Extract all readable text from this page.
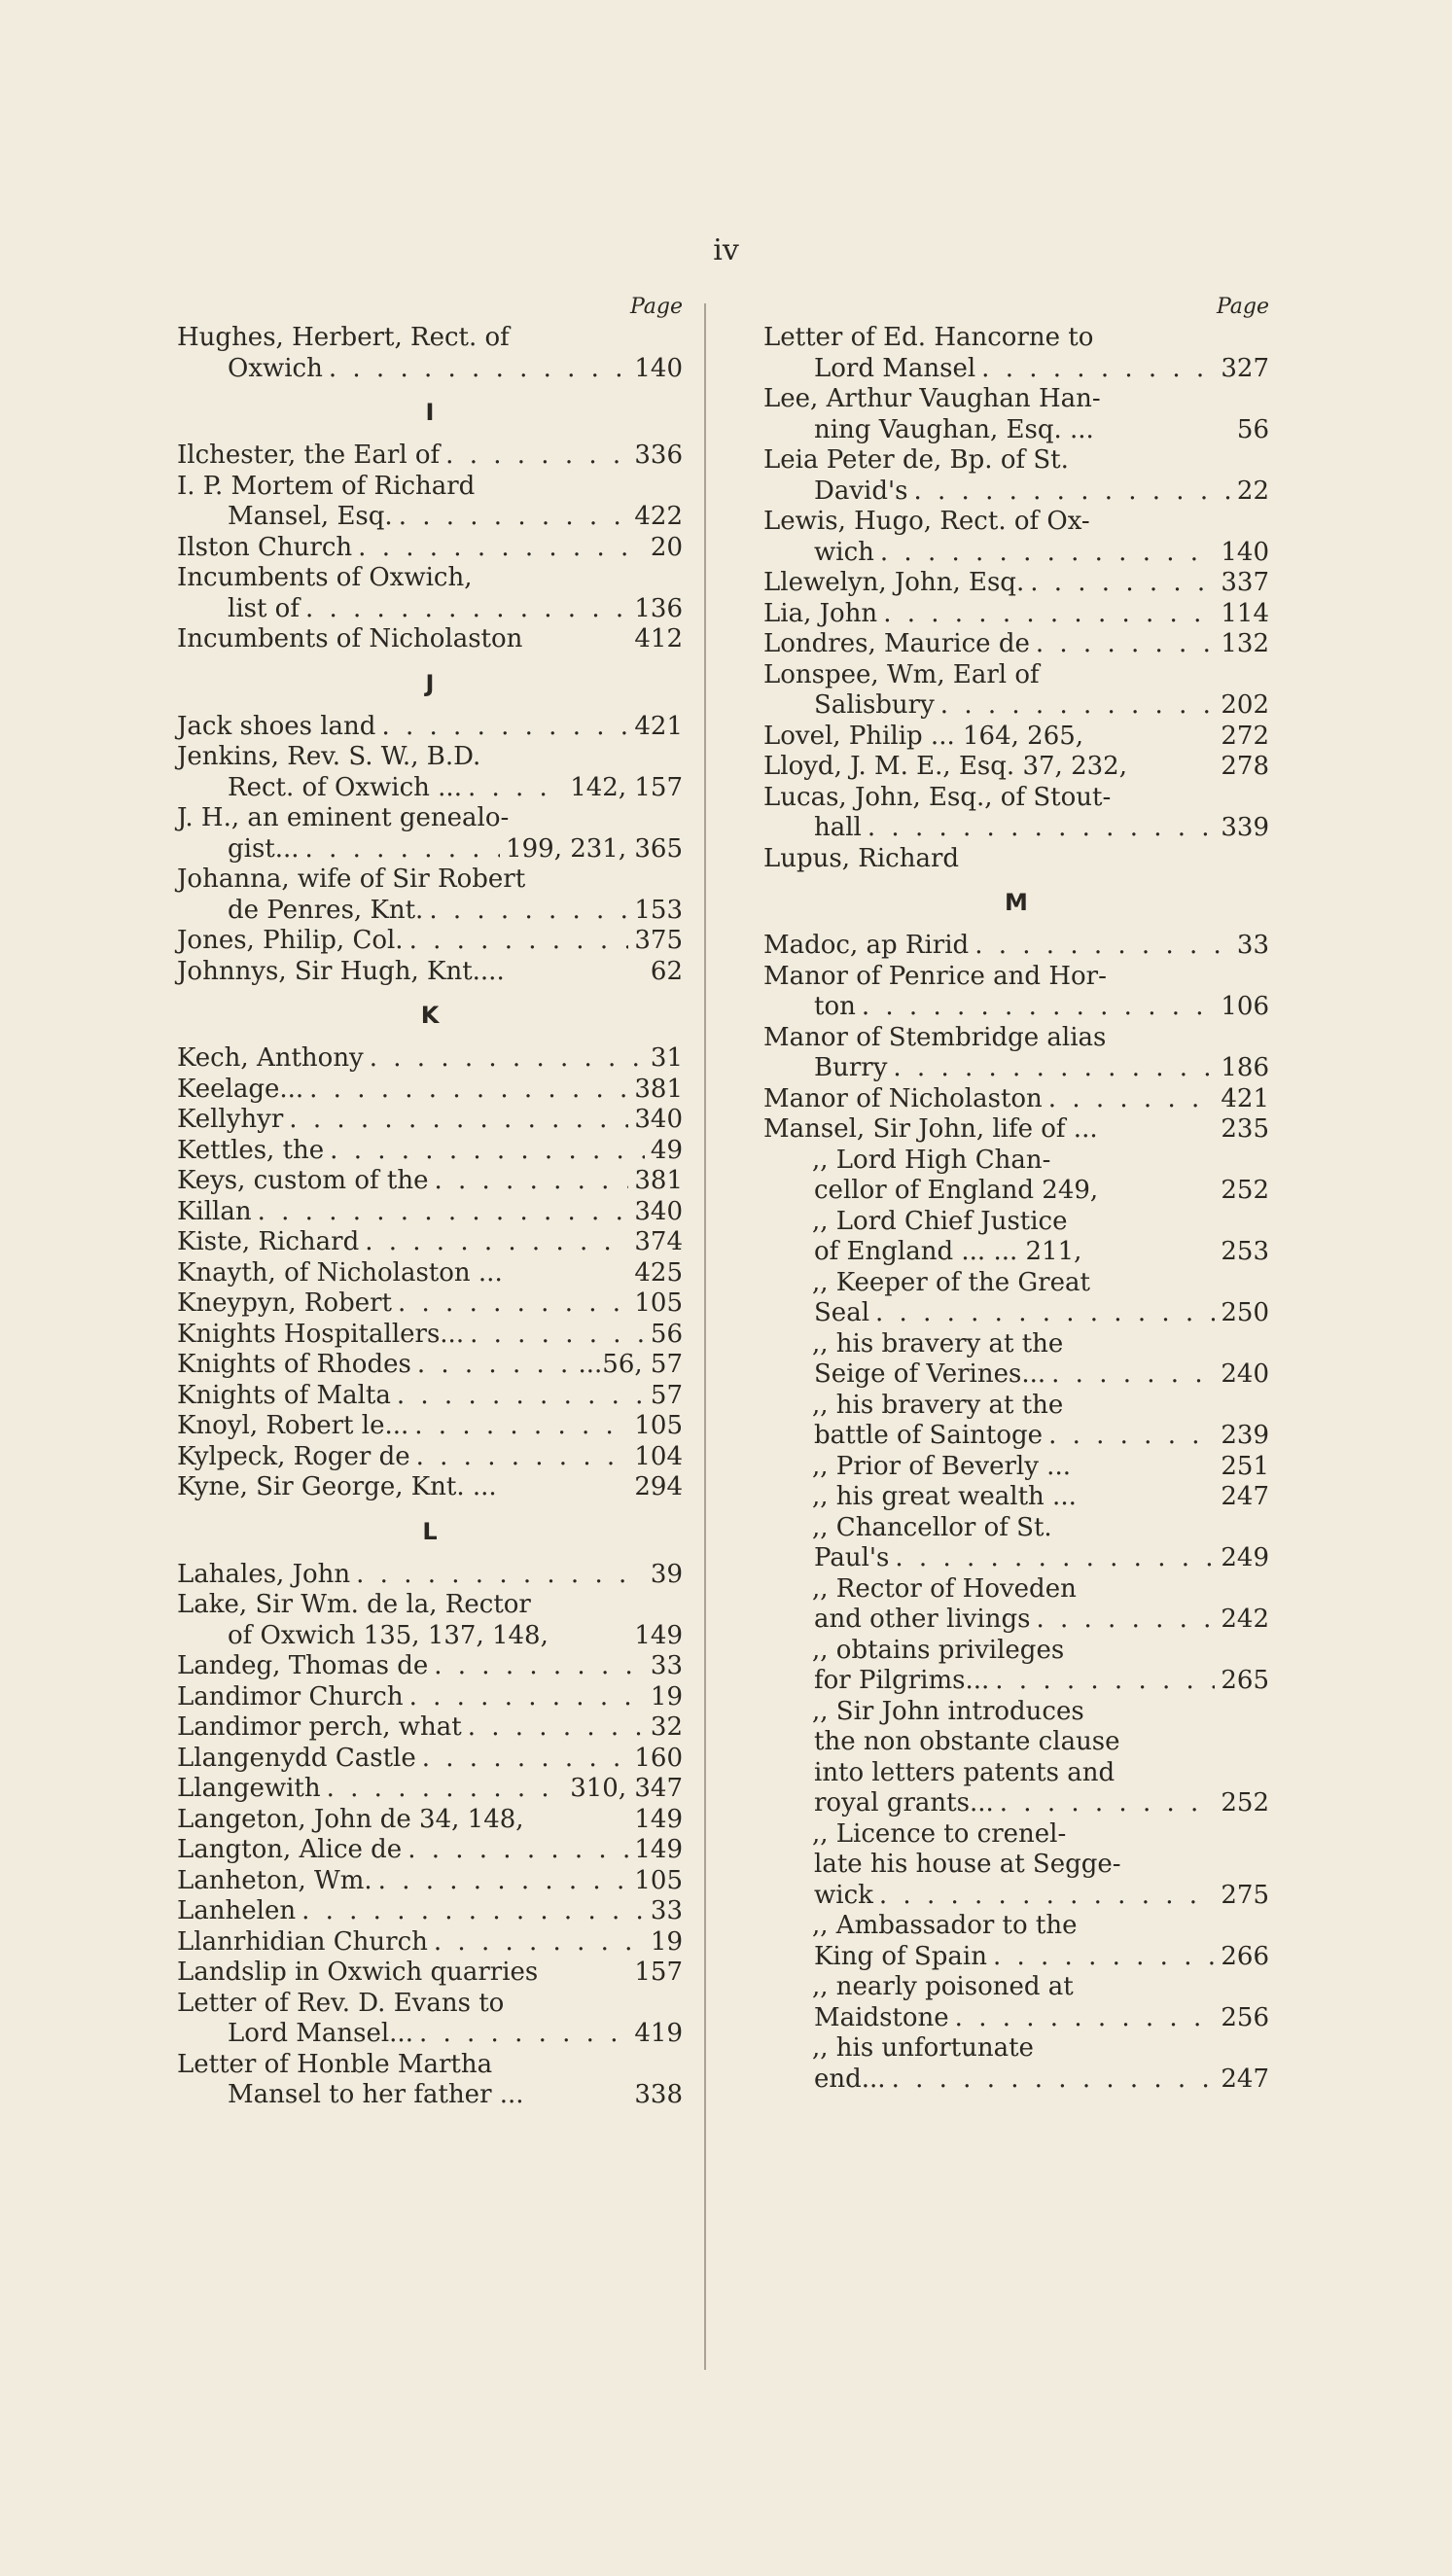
iv
Page
Hughes, Herbert, Rect. of
Oxwich . . .	140
I
Ilchester, the Earl of . . .	336
I. P. Mortem of Richard
Mansel, Esq. . . .	422
Ilston Church . . .	20
Incumbents of Oxwich,
list of . . .	136
Incumbents of Nicholaston	412
J
Jack shoes land . . .	421
Jenkins, Rev. S. W., B.D.
Rect. of Oxwich ... . . .	142, 157
J. H., an eminent genealo-
gist... . . .	199, 231, 365
Johanna, wife of Sir Robert
de Penres, Knt. . . .	153
Jones, Philip, Col. . . .	375
Johnnys, Sir Hugh, Knt....	62
K
Kech, Anthony . . .	31
Keelage... . . .	381
Kellyhyr . . .	340
Kettles, the . . .	49
Keys, custom of the . . .	381
Killan . . .	340
Kiste, Richard . . .	374
Knayth, of Nicholaston ...	425
Kneypyn, Robert . . .	105
Knights Hospitallers... . . .	56
Knights of Rhodes . . .	...56, 57
Knights of Malta . . .	57
Knoyl, Robert le... . . .	105
Kylpeck, Roger de . . .	104
Kyne, Sir George, Knt. ...	294
L
Lahales, John . . .	39
Lake, Sir Wm. de la, Rector
of Oxwich 135, 137, 148,	149
Landeg, Thomas de . . .	33
Landimor Church . . .	19
Landimor perch, what . . .	32
Llangenydd Castle . . .	160
Llangewith . . .	310, 347
Langeton, John de 34, 148,	149
Langton, Alice de . . .	149
Lanheton, Wm. . . .	105
Lanhelen . . .	33
Llanrhidian Church . . .	19
Landslip in Oxwich quarries	157
Letter of Rev. D. Evans to
Lord Mansel... . . .	419
Letter of Honble Martha
Mansel to her father ...	338
Page
Letter of Ed. Hancorne to
Lord Mansel . . .	327
Lee, Arthur Vaughan Han-
ning Vaughan, Esq. ...	56
Leia Peter de, Bp. of St.
David's . . .	22
Lewis, Hugo, Rect. of Ox-
wich . . .	140
Llewelyn, John, Esq. . . .	337
Lia, John . . .	114
Londres, Maurice de . . .	132
Lonspee, Wm, Earl of
Salisbury . . .	202
Lovel, Philip ... 164, 265,	272
Lloyd, J. M. E., Esq. 37, 232,	278
Lucas, John, Esq., of Stout-
hall . . .	339
Lupus, Richard
M
Madoc, ap Ririd . . .	33
Manor of Penrice and Hor-
ton . . .	106
Manor of Stembridge alias
Burry . . .	186
Manor of Nicholaston . . .	421
Mansel, Sir John, life of ...	235
,, Lord High Chan-
cellor of England 249,	252
,, Lord Chief Justice
of England ... ... 211,	253
,, Keeper of the Great
Seal . . .	250
,, his bravery at the
Seige of Verines... . . .	240
,, his bravery at the
battle of Saintoge . . .	239
,, Prior of Beverly ...	251
,, his great wealth ...	247
,, Chancellor of St.
Paul's . . .	249
,, Rector of Hoveden
and other livings . . .	242
,, obtains privileges
for Pilgrims... . . .	265
,, Sir John introduces
the non obstante clause
into letters patents and
royal grants... . . .	252
,, Licence to crenel-
late his house at Segge-
wick . . .	275
,, Ambassador to the
King of Spain . . .	266
,, nearly poisoned at
Maidstone . . .	256
,, his unfortunate
end... . . .	247
